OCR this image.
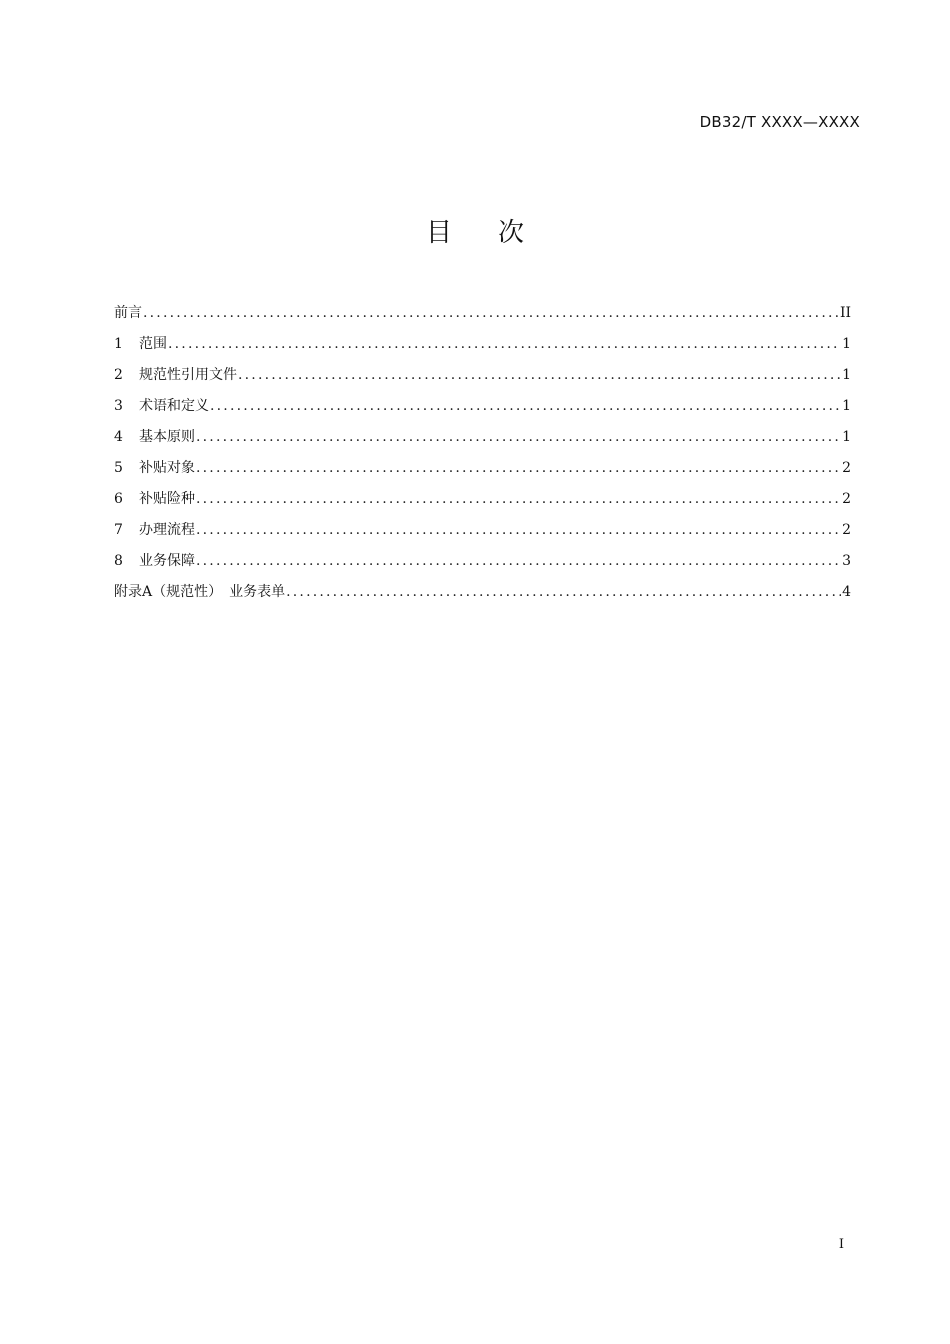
DB32/T XXXX—XXXX
目 次
前言 .....	II
1	范围 .....	1
2	规范性引用文件 .....	1
3	术语和定义 .....	1
4	基本原则 .....	1
5	补贴对象 .....	2
6	补贴险种 .....	2
7	办理流程 .....	2
8	业务保障 .....	3
附录A（规范性）　业务表单 .....	4
I
